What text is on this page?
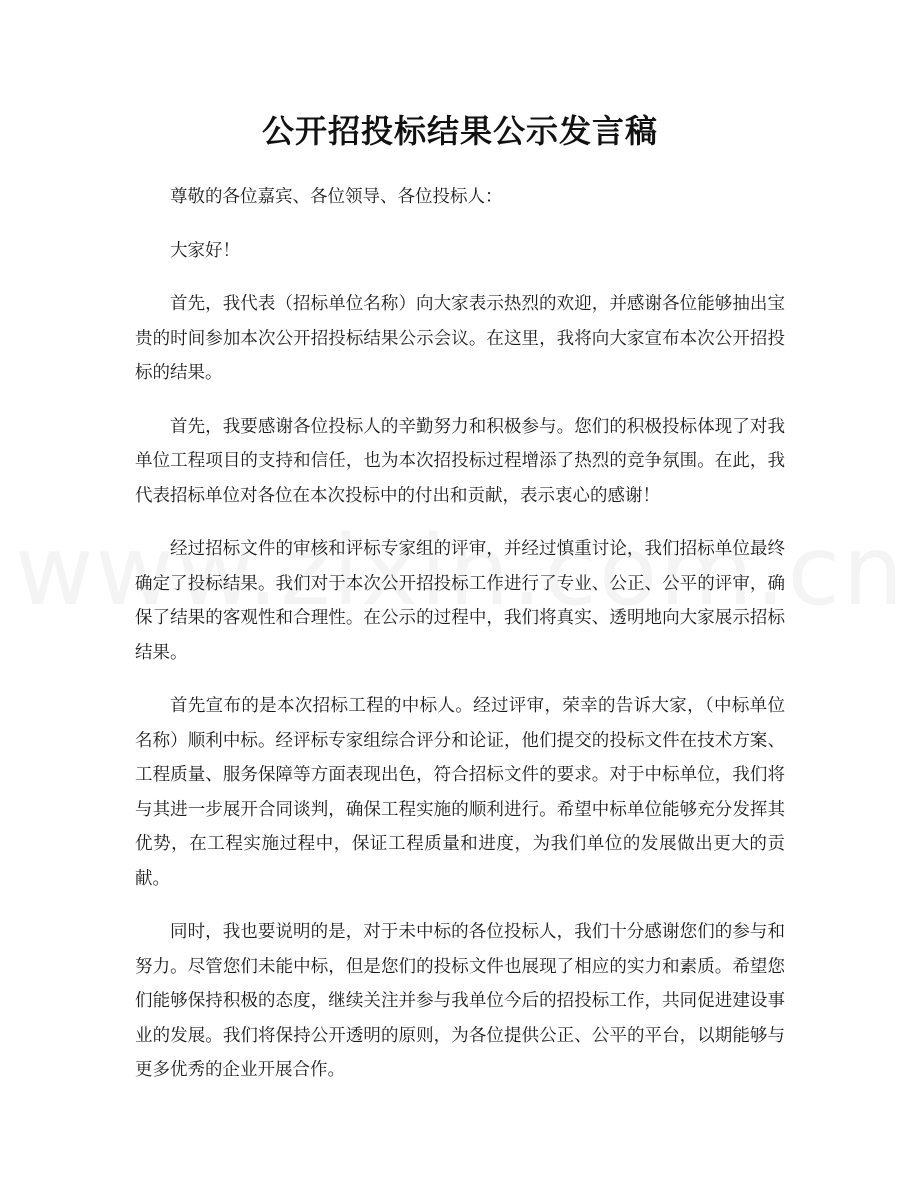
公开招投标结果公示发言稿

尊敬的各位嘉宾、各位领导、各位投标人：

大家好！

首先，我代表（招标单位名称）向大家表示热烈的欢迎，并感谢各位能够抽出宝贵的时间参加本次公开招投标结果公示会议。在这里，我将向大家宣布本次公开招投标的结果。

首先，我要感谢各位投标人的辛勤努力和积极参与。您们的积极投标体现了对我单位工程项目的支持和信任，也为本次招投标过程增添了热烈的竞争氛围。在此，我代表招标单位对各位在本次投标中的付出和贡献，表示衷心的感谢！

经过招标文件的审核和评标专家组的评审，并经过慎重讨论，我们招标单位最终确定了投标结果。我们对于本次公开招投标工作进行了专业、公正、公平的评审，确保了结果的客观性和合理性。在公示的过程中，我们将真实、透明地向大家展示招标结果。

首先宣布的是本次招标工程的中标人。经过评审，荣幸的告诉大家，（中标单位名称）顺利中标。经评标专家组综合评分和论证，他们提交的投标文件在技术方案、工程质量、服务保障等方面表现出色，符合招标文件的要求。对于中标单位，我们将与其进一步展开合同谈判，确保工程实施的顺利进行。希望中标单位能够充分发挥其优势，在工程实施过程中，保证工程质量和进度，为我们单位的发展做出更大的贡献。

同时，我也要说明的是，对于未中标的各位投标人，我们十分感谢您们的参与和努力。尽管您们未能中标，但是您们的投标文件也展现了相应的实力和素质。希望您们能够保持积极的态度，继续关注并参与我单位今后的招投标工作，共同促进建设事业的发展。我们将保持公开透明的原则，为各位提供公正、公平的平台，以期能够与更多优秀的企业开展合作。
